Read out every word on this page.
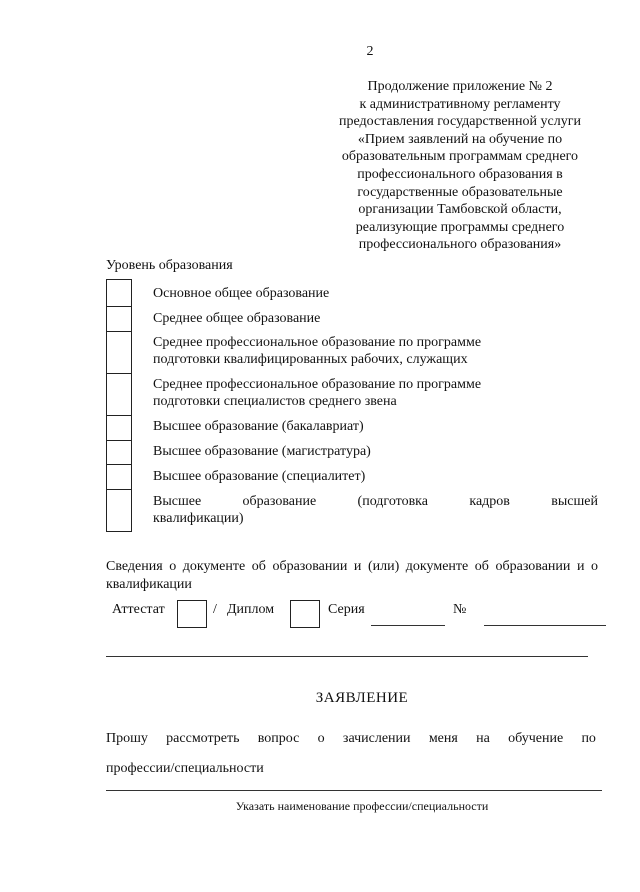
2
Продолжение приложение № 2
к административному регламенту
предоставления государственной услуги
«Прием заявлений на обучение по
образовательным программам среднего
профессионального образования в
государственные образовательные
организации Тамбовской области,
реализующие программы среднего
профессионального образования»
Уровень образования
Основное общее образование
Среднее общее образование
Среднее профессиональное образование по программе
подготовки квалифицированных рабочих, служащих
Среднее профессиональное образование по программе
подготовки специалистов среднего звена
Высшее образование (бакалавриат)
Высшее образование (магистратура)
Высшее образование (специалитет)
Высшее образование (подготовка кадров высшей
квалификации)
Сведения о документе об образовании и (или) документе об образовании и о квалификации
Аттестат	/ Диплом	Серия	№
ЗАЯВЛЕНИЕ
Прошу рассмотреть вопрос о зачислении меня на обучение по
профессии/специальности
Указать наименование профессии/специальности
